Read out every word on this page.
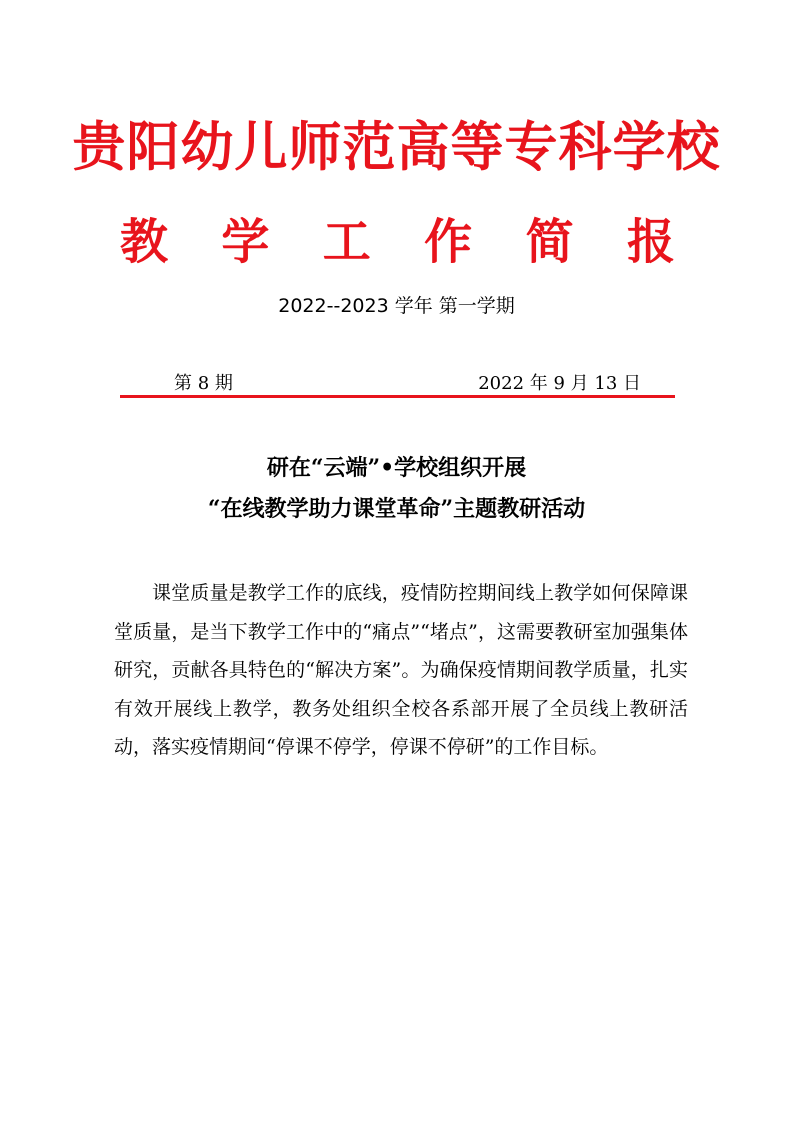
贵阳幼儿师范高等专科学校
教 学 工 作 简 报
2022--2023 学年 第一学期
第 8 期	2022 年 9 月 13 日
研在“云端”•学校组织开展
“在线教学助力课堂革命”主题教研活动

课堂质量是教学工作的底线，疫情防控期间线上教学如何保障课堂质量，是当下教学工作中的“痛点”“堵点”，这需要教研室加强集体研究，贡献各具特色的“解决方案”。为确保疫情期间教学质量，扎实有效开展线上教学，教务处组织全校各系部开展了全员线上教研活动，落实疫情期间“停课不停学，停课不停研”的工作目标。
